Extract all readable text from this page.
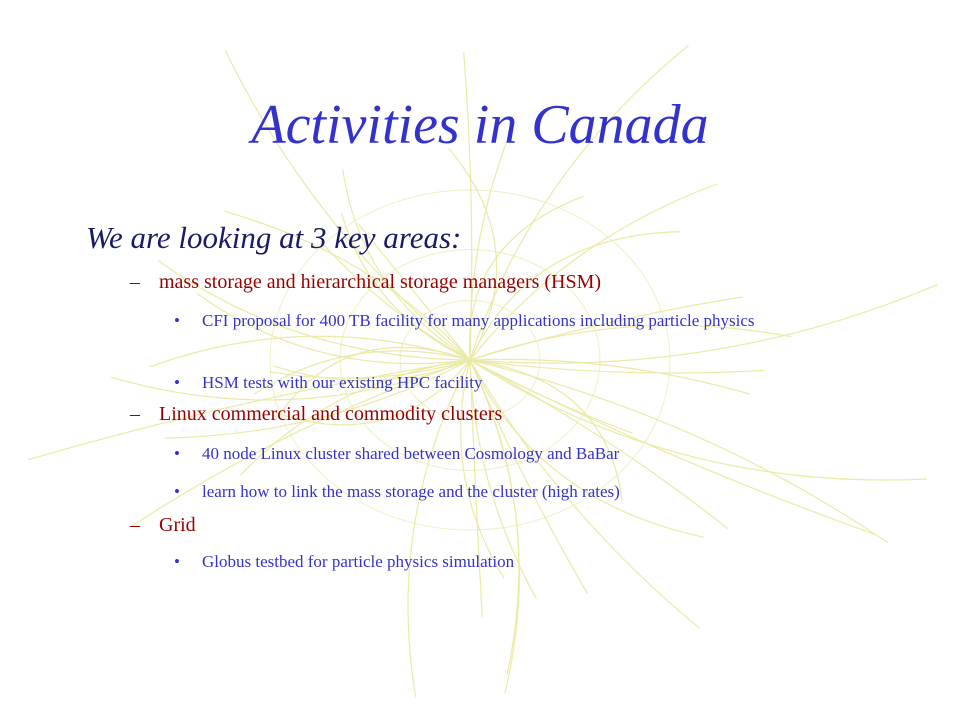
Activities in Canada
We are looking at 3 key areas:
– mass storage and hierarchical storage managers (HSM)
•	CFI proposal for 400 TB facility for many applications including particle physics
•	HSM tests with our existing HPC facility
– Linux commercial and commodity clusters
•	40 node Linux cluster shared between Cosmology and BaBar
•	learn how to link the mass storage and the cluster (high rates)
– Grid
•	Globus testbed for particle physics simulation
